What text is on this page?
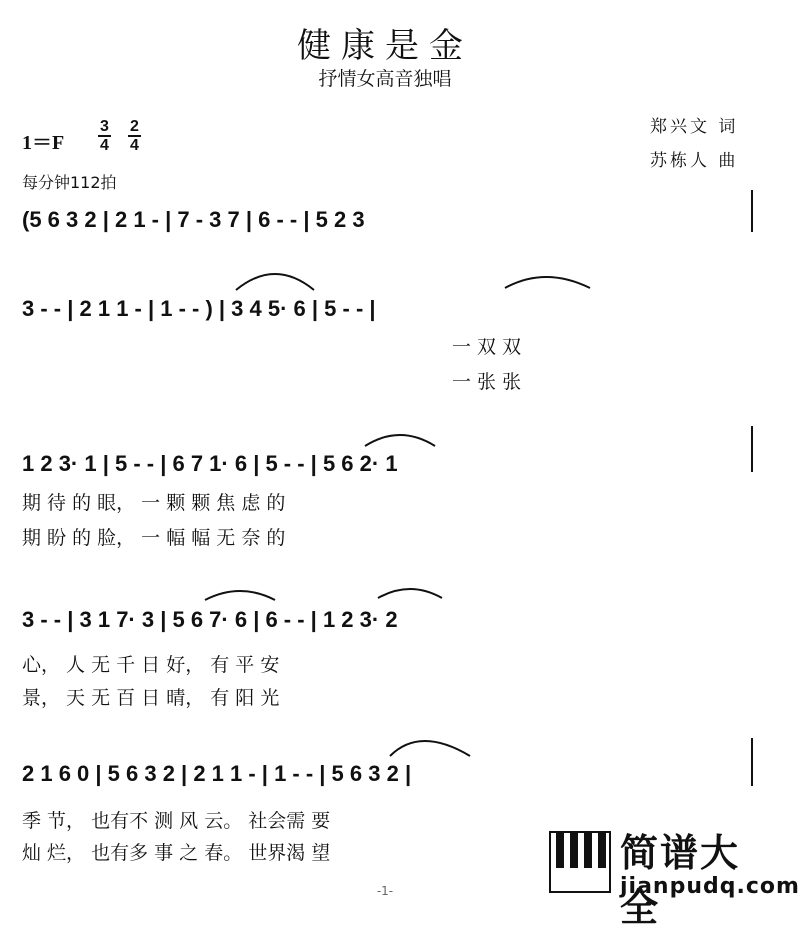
健康是金
抒情女高音独唱
郑兴文 词
苏栋人 曲
$1=F \frac{3}{4} \frac{2}{4}$
每分钟112拍
(5 6 3 2 | 2 1 - | 7 - 3 7 | 6 - - | 5 2 3
3 - - | 2 1 1 - | 1 - - ) | 3 4 5· 6 | 5 - - |
一 双 双
一 张 张
1 2 3· 1 | 5 - - | 6 7 1· 6 | 5 - - | 5 6 2· 1
期 待 的 眼， 一 颗 颗 焦 虑 的
期 盼 的 脸， 一 幅 幅 无 奈 的
3 - - | 3 1 7· 3 | 5 6 7· 6 | 6 - - | 1 2 3· 2
心， 人 无 千 日 好， 有 平 安
景， 天 无 百 日 晴， 有 阳 光
2 1 6 0 | 5 6 3 2 | 2 1 1 - | 1 - - | 5 6 3 2 |
季 节， 也有不 测 风 云。 社会需 要
灿 烂， 也有多 事 之 春。 世界渴 望
-1-
简谱大全
jianpudq.com
